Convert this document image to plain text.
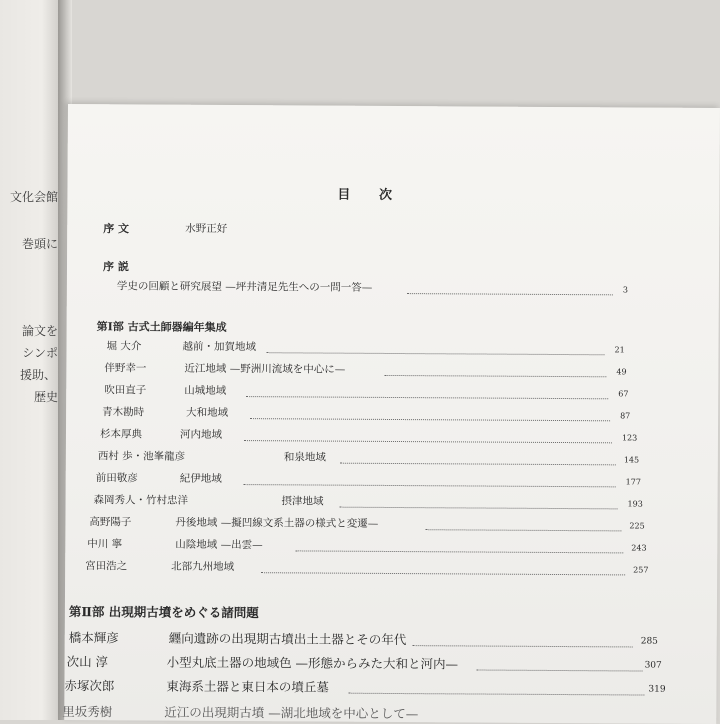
文化会館
巻頭に
論文を
シンポ
援助、
歴史
目 次
序 文	水野正好
序 説
学史の回顧と研究展望 —坪井清足先生への一問一答—	3
第Ⅰ部 古式土師器編年集成
堀 大介	越前・加賀地域	21
伴野幸一	近江地域 —野洲川流域を中心に—	49
吹田直子	山城地域	67
青木勘時	大和地域	87
杉本厚典	河内地域	123
西村 歩・池峯龍彦	和泉地域	145
前田敬彦	紀伊地域	177
森岡秀人・竹村忠洋	摂津地域	193
高野陽子	丹後地域 —擬凹線文系土器の様式と変遷—	225
中川 寧	山陰地域 —出雲—	243
宮田浩之	北部九州地域	257
第Ⅱ部 出現期古墳をめぐる諸問題
橋本輝彦	纒向遺跡の出現期古墳出土土器とその年代	285
次山 淳	小型丸底土器の地域色 —形態からみた大和と河内—	307
赤塚次郎	東海系土器と東日本の墳丘墓	319
里坂秀樹	近江の出現期古墳 —湖北地域を中心として—
